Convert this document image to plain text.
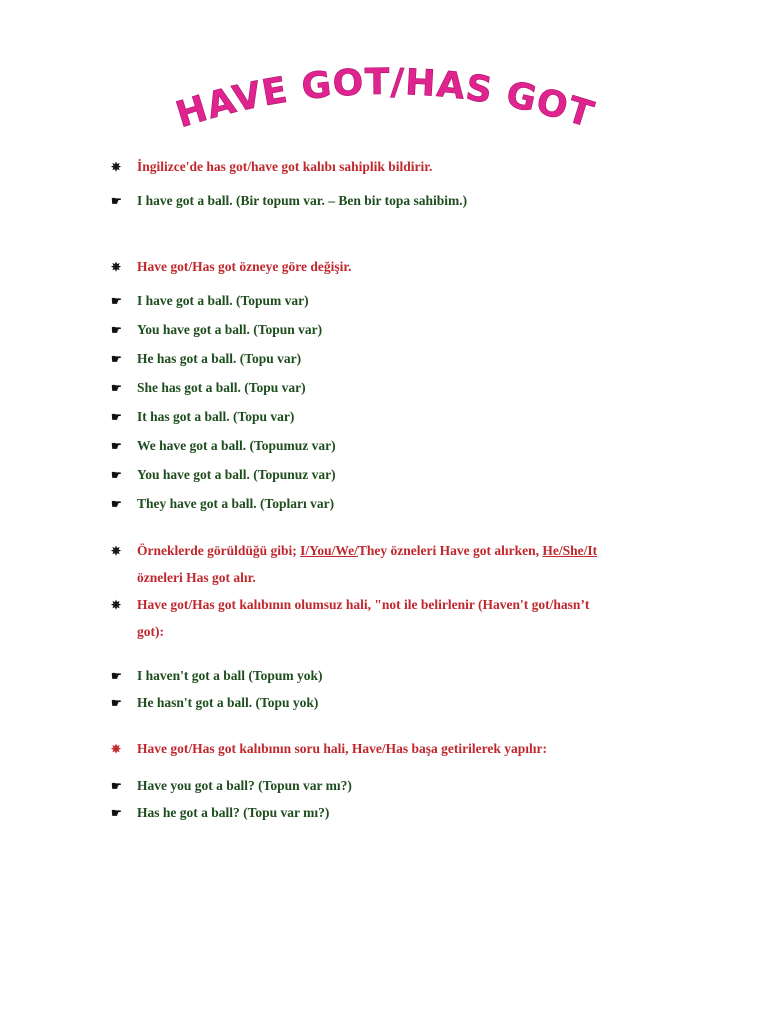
HAVE GOT/HAS GOT
✵ İngilizce'de has got/have got kalıbı sahiplik bildirir.
☛ I have got a ball. (Bir topum var. – Ben bir topa sahibim.)
✵ Have got/Has got özneye göre değişir.
☛ I have got a ball. (Topum var)
☛ You have got a ball. (Topun var)
☛ He has got a ball. (Topu var)
☛ She has got a ball. (Topu var)
☛ It has got a ball. (Topu var)
☛ We have got a ball. (Topumuz var)
☛ You have got a ball. (Topunuz var)
☛ They have got a ball. (Topları var)
✵ Örneklerde görüldüğü gibi; I/You/We/They özneleri Have got alırken, He/She/It
özneleri Has got alır.
✵ Have got/Has got kalıbının olumsuz hali, "not ile belirlenir (Haven't got/hasn’t
got):
☛ I haven't got a ball (Topum yok)
☛ He hasn't got a ball. (Topu yok)
✵ Have got/Has got kalıbının soru hali, Have/Has başa getirilerek yapılır:
☛ Have you got a ball? (Topun var mı?)
☛ Has he got a ball? (Topu var mı?)
